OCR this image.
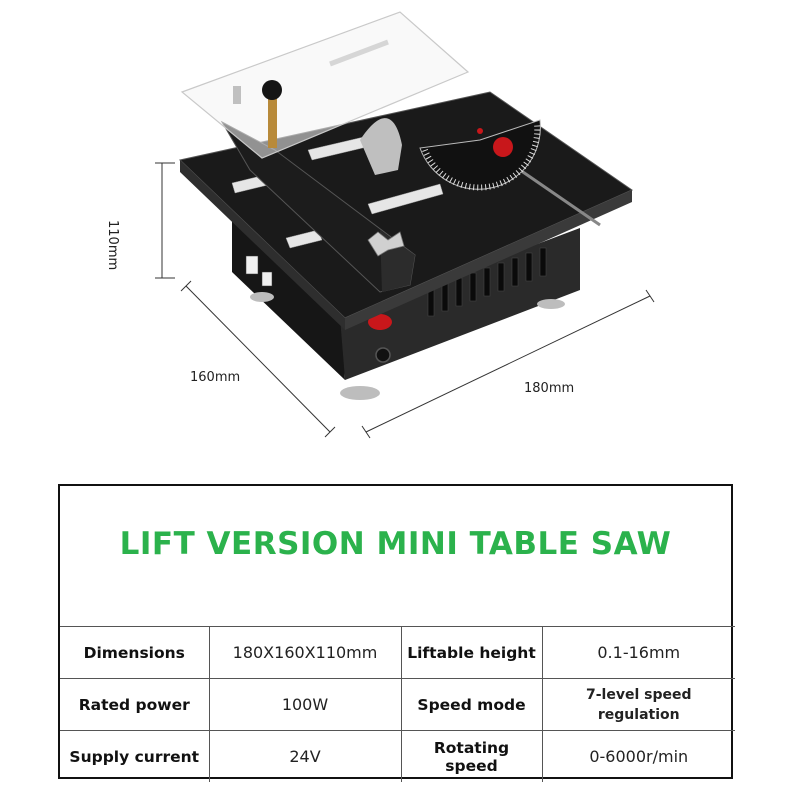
110mm
160mm
180mm
LIFT VERSION MINI TABLE SAW
Dimensions	180X160X110mm	Liftable height	0.1-16mm
Rated power	100W	Speed mode	7-level speed regulation
Supply current	24V	Rotating speed	0-6000r/min
